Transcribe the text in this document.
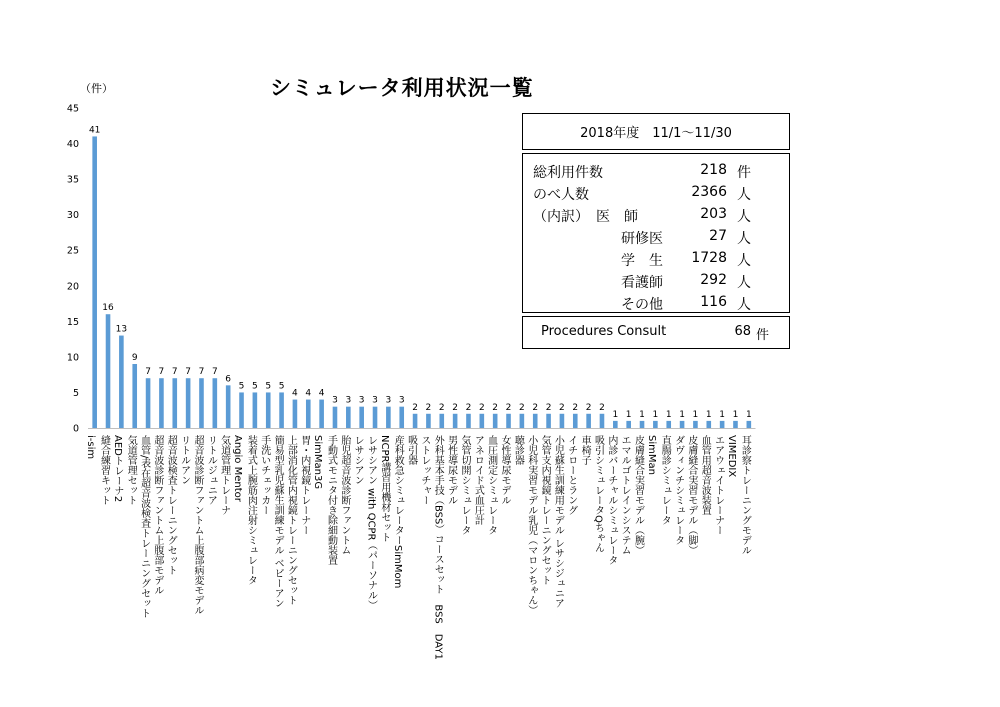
0
5
10
15
20
25
30
35
40
45
41
i-sim
16
縫合練習キット
13
AEDトレーナ2
9
気道管理セット
7
血管/表在超音波検査トレーニングセット
7
超音波診断ファントム上腹部モデル
7
超音波検査トレーニングセット
7
リトルアン
7
超音波診断ファントム上腹部病変モデル
7
リトルジュニア
6
気道管理トレーナ
5
Angio Mentor
5
装着式上腕筋肉注射シミュレータ
5
手洗いチェッカー
5
簡易型乳児蘇生訓練モデル ベビーアン
4
上部消化管内視鏡トレーニングセット
4
胃・内視鏡トレーナー
4
SimMan3G
3
手動式モニタ付き除細動装置
3
胎児超音波診断ファントム
3
レサシアン
3
レサシアン with QCPR（パーソナル）
3
NCPR講習用機材セット
3
産科救急シミュレーターSimMom
2
吸引器
2
ストレッチャー
2
外科基本手技（BSS）コースセット　BSS　DAY1
2
男性導尿モデル
2
気管切開シミュレータ
2
アネロイド式血圧計
2
血圧測定シミュレータ
2
女性導尿モデル
2
聴診器
2
小児科実習モデル乳児（マロンちゃん）
2
気管支内視鏡トレーニングセット
2
小児蘇生訓練用モデル レサシジュニア
2
イチローとラング
2
車椅子
2
吸引シミュレータQちゃん
1
内診バーチャルシミュレータ
1
エマルゴトレインシステム
1
皮膚縫合実習モデル（腕）
1
SimMan
1
直腸診シミュレータ
1
ダヴィンチシミュレータ
1
皮膚縫合実習モデル（脚）
1
血管用超音波装置
1
エアウェイトレーナー
1
VIMEDIX
1
耳診察トレーニングモデル
シミュレータ利用状況一覧
（件）
2018年度　11/1〜11/30
総利用件数	218 件
のべ人数	2366 人
（内訳）　医　師	203 人
研修医	27 人
学　生 1728 人
看護師	292 人
その他	116 人
Procedures Consult	68 件
